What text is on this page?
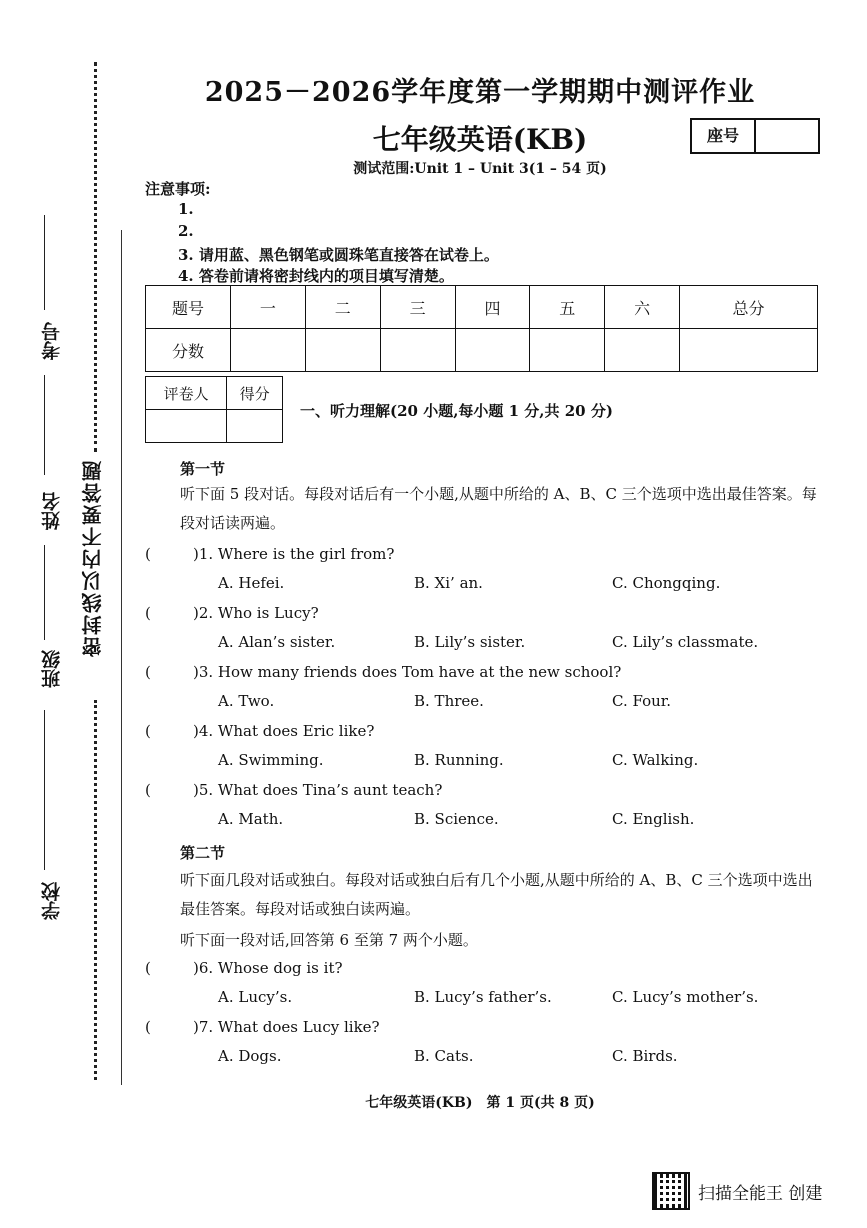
考号
姓名
班级
学校
密封线以内不要答题
2025－2026学年度第一学期期中测评作业
七年级英语(KB)	座号
测试范围:Unit 1 – Unit 3(1 – 54 页)
注意事项:
1.
2.
3. 请用蓝、黑色钢笔或圆珠笔直接答在试卷上。
4. 答卷前请将密封线内的项目填写清楚。
题号	一	二	三	四	五	六	总分
分数							
评卷人	得分

一、听力理解(20 小题,每小题 1 分,共 20 分)
第一节
听下面 5 段对话。每段对话后有一个小题,从题中所给的 A、B、C 三个选项中选出最佳答案。每段对话读两遍。
(	)1. Where is the girl from?
A. Hefei.	B. Xi’ an.	C. Chongqing.
(	)2. Who is Lucy?
A. Alan’s sister.	B. Lily’s sister.	C. Lily’s classmate.
(	)3. How many friends does Tom have at the new school?
A. Two.	B. Three.	C. Four.
(	)4. What does Eric like?
A. Swimming.	B. Running.	C. Walking.
(	)5. What does Tina’s aunt teach?
A. Math.	B. Science.	C. English.
第二节
听下面几段对话或独白。每段对话或独白后有几个小题,从题中所给的 A、B、C 三个选项中选出最佳答案。每段对话或独白读两遍。
听下面一段对话,回答第 6 至第 7 两个小题。
(	)6. Whose dog is it?
A. Lucy’s.	B. Lucy’s father’s.	C. Lucy’s mother’s.
(	)7. What does Lucy like?
A. Dogs.	B. Cats.	C. Birds.
七年级英语(KB)　第 1 页(共 8 页)
扫描全能王 创建
